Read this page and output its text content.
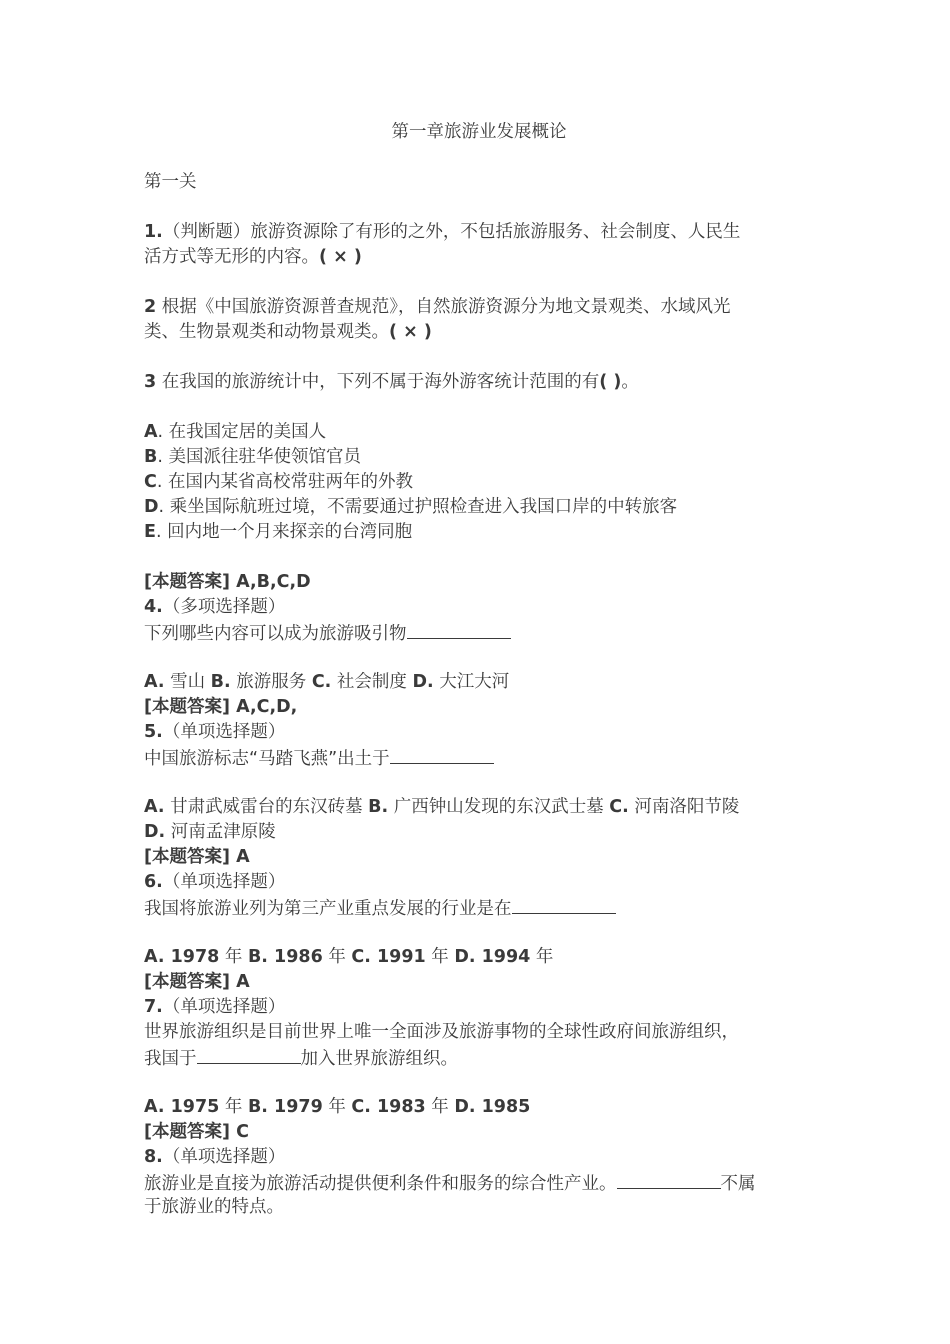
第一章旅游业发展概论

第一关

1.（判断题）旅游资源除了有形的之外，不包括旅游服务、社会制度、人民生

活方式等无形的内容。( × )

2 根据《中国旅游资源普查规范》，自然旅游资源分为地文景观类、水域风光

类、生物景观类和动物景观类。( × )

3 在我国的旅游统计中，下列不属于海外游客统计范围的有( )。

A. 在我国定居的美国人

B. 美国派往驻华使领馆官员

C. 在国内某省高校常驻两年的外教

D. 乘坐国际航班过境，不需要通过护照检查进入我国口岸的中转旅客

E. 回内地一个月来探亲的台湾同胞

[本题答案] A,B,C,D

4.（多项选择题）

下列哪些内容可以成为旅游吸引物

A. 雪山 B. 旅游服务 C. 社会制度 D. 大江大河

[本题答案] A,C,D,

5.（单项选择题）

中国旅游标志“马踏飞燕”出土于

A. 甘肃武威雷台的东汉砖墓 B. 广西钟山发现的东汉武士墓 C. 河南洛阳节陵

D. 河南孟津原陵

[本题答案] A

6.（单项选择题）

我国将旅游业列为第三产业重点发展的行业是在

A. 1978 年 B. 1986 年 C. 1991 年 D. 1994 年

[本题答案] A

7.（单项选择题）

世界旅游组织是目前世界上唯一全面涉及旅游事物的全球性政府间旅游组织，

我国于	加入世界旅游组织。

A. 1975 年 B. 1979 年 C. 1983 年 D. 1985

[本题答案] C

8.（单项选择题）

旅游业是直接为旅游活动提供便利条件和服务的综合性产业。	不属

于旅游业的特点。
